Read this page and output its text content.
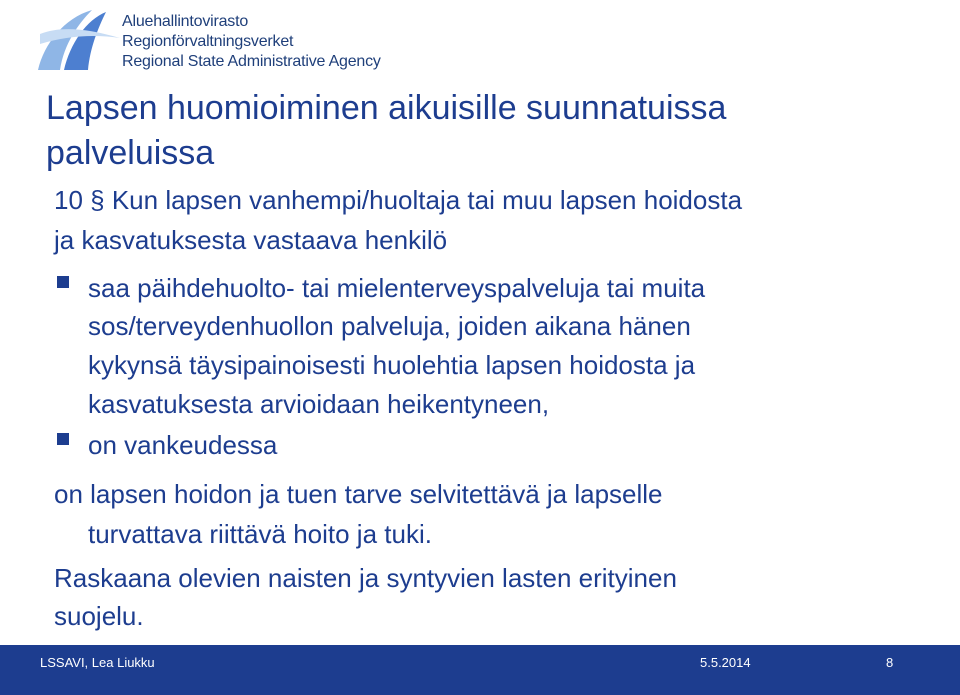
Aluehallintovirasto
Regionförvaltningsverket
Regional State Administrative Agency
Lapsen huomioiminen aikuisille suunnatuissa
palveluissa
10 § Kun lapsen vanhempi/huoltaja tai muu lapsen hoidosta
ja kasvatuksesta vastaava henkilö
saa päihdehuolto- tai mielenterveyspalveluja tai muita
sos/terveydenhuollon palveluja, joiden aikana hänen
kykynsä täysipainoisesti huolehtia lapsen hoidosta ja
kasvatuksesta arvioidaan heikentyneen,
on vankeudessa
on lapsen hoidon ja tuen tarve selvitettävä ja lapselle
turvattava riittävä hoito ja tuki.
Raskaana olevien naisten ja syntyvien lasten erityinen
suojelu.
LSSAVI, Lea Liukku	5.5.2014	8
